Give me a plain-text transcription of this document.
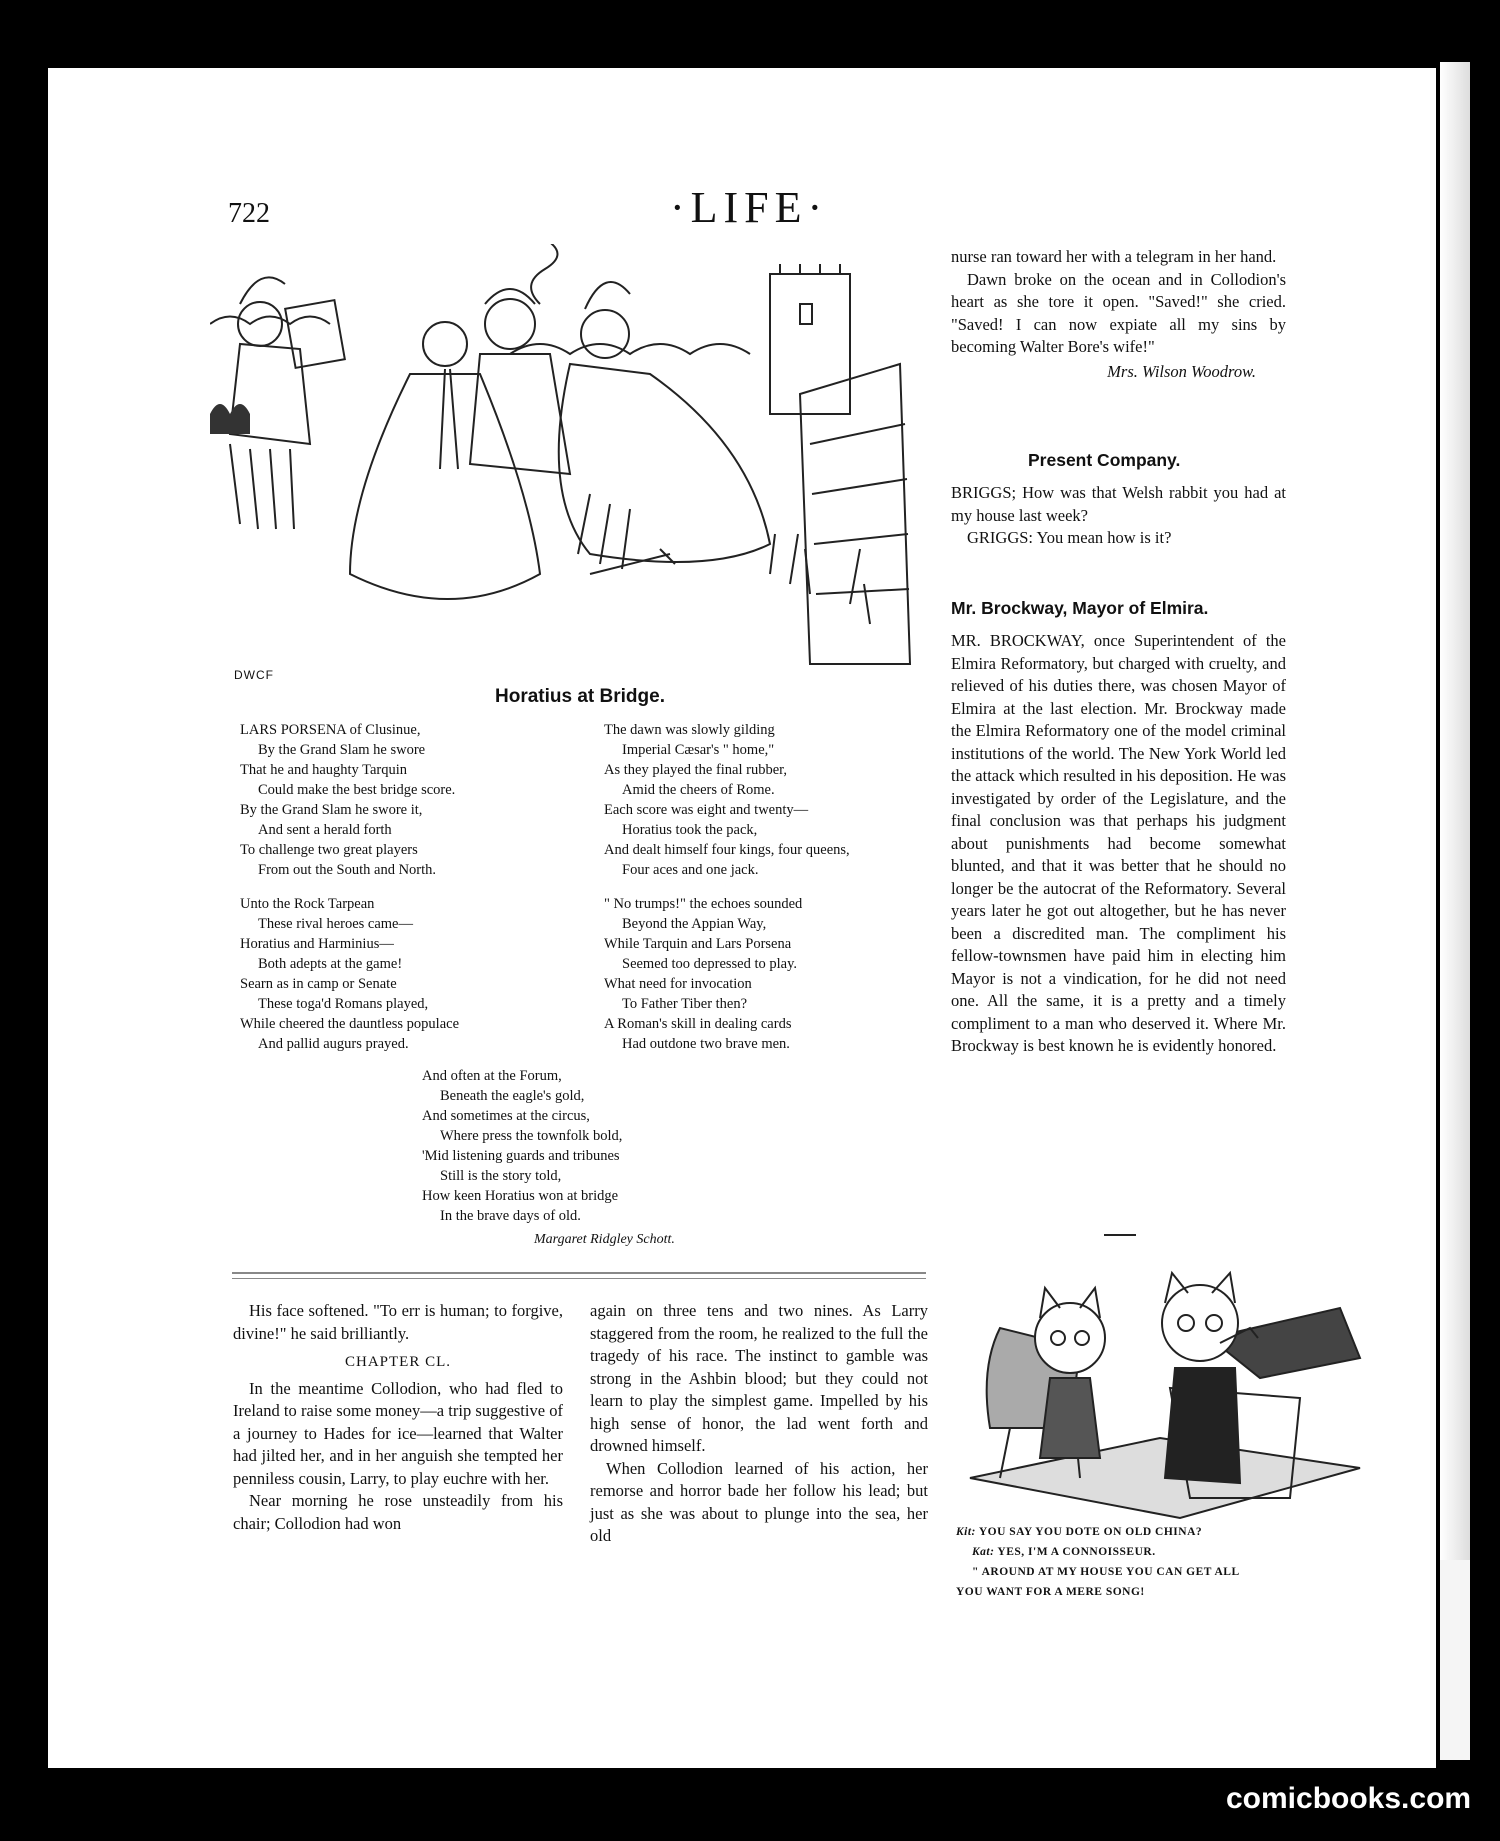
722	·LIFE·
DWCF
Horatius at Bridge.
LARS PORSENA of Clusinue,
By the Grand Slam he swore
That he and haughty Tarquin
Could make the best bridge score.
By the Grand Slam he swore it,
And sent a herald forth
To challenge two great players
From out the South and North.
Unto the Rock Tarpean
These rival heroes came—
Horatius and Harminius—
Both adepts at the game!
Searn as in camp or Senate
These toga'd Romans played,
While cheered the dauntless populace
And pallid augurs prayed.
The dawn was slowly gilding
Imperial Cæsar's " home,"
As they played the final rubber,
Amid the cheers of Rome.
Each score was eight and twenty—
Horatius took the pack,
And dealt himself four kings, four queens,
Four aces and one jack.
" No trumps!" the echoes sounded
Beyond the Appian Way,
While Tarquin and Lars Porsena
Seemed too depressed to play.
What need for invocation
To Father Tiber then?
A Roman's skill in dealing cards
Had outdone two brave men.
And often at the Forum,
Beneath the eagle's gold,
And sometimes at the circus,
Where press the townfolk bold,
'Mid listening guards and tribunes
Still is the story told,
How keen Horatius won at bridge
In the brave days of old.
Margaret Ridgley Schott.

His face softened. "To err is human; to forgive, divine!" he said brilliantly.

CHAPTER CL.

In the meantime Collodion, who had fled to Ireland to raise some money—a trip suggestive of a journey to Hades for ice—learned that Walter had jilted her, and in her anguish she tempted her penniless cousin, Larry, to play euchre with her.

Near morning he rose unsteadily from his chair; Collodion had won

again on three tens and two nines. As Larry staggered from the room, he realized to the full the tragedy of his race. The instinct to gamble was strong in the Ashbin blood; but they could not learn to play the simplest game. Impelled by his high sense of honor, the lad went forth and drowned himself.

When Collodion learned of his action, her remorse and horror bade her follow his lead; but just as she was about to plunge into the sea, her old

nurse ran toward her with a telegram in her hand.

Dawn broke on the ocean and in Collodion's heart as she tore it open. "Saved!" she cried. "Saved! I can now expiate all my sins by becoming Walter Bore's wife!"

Mrs. Wilson Woodrow.
Present Company.

BRIGGS; How was that Welsh rabbit you had at my house last week?

GRIGGS: You mean how is it?

Mr. Brockway, Mayor of Elmira.

MR. BROCKWAY, once Superintendent of the Elmira Reformatory, but charged with cruelty, and relieved of his duties there, was chosen Mayor of Elmira at the last election. Mr. Brockway made the Elmira Reformatory one of the model criminal institutions of the world. The New York World led the attack which resulted in his deposition. He was investigated by order of the Legislature, and the final conclusion was that perhaps his judgment about punishments had become somewhat blunted, and that it was better that he should no longer be the autocrat of the Reformatory. Several years later he got out altogether, but he has never been a discredited man. The compliment his fellow-townsmen have paid him in electing him Mayor is not a vindication, for he did not need one. All the same, it is a pretty and a timely compliment to a man who deserved it. Where Mr. Brockway is best known he is evidently honored.

Kit: YOU SAY YOU DOTE ON OLD CHINA?
Kat: YES, I'M A CONNOISSEUR.
" AROUND AT MY HOUSE YOU CAN GET ALL
YOU WANT FOR A MERE SONG!
comicbooks.com
